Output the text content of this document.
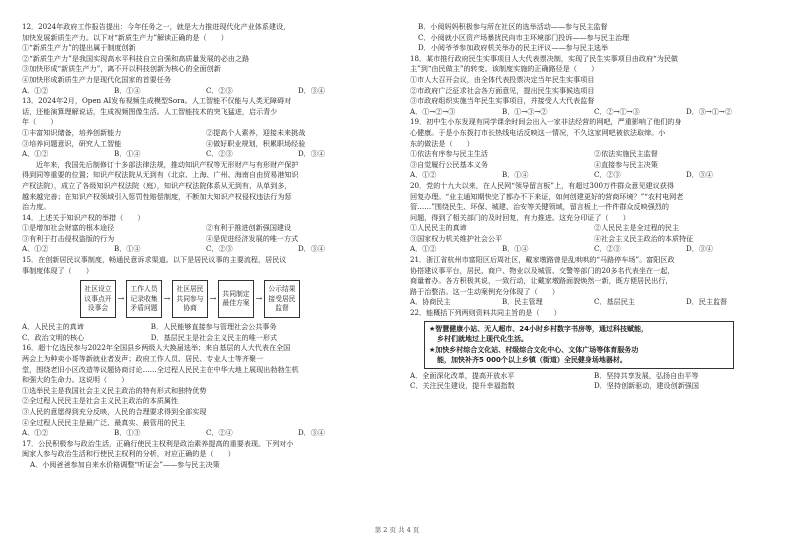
12．2024年政府工作报告提出：今年任务之一，就是大力推进现代化产业体系建设，

加快发展新质生产力。以下对“新质生产力”解读正确的是（　　）

①“新质生产力”的提出属于制度创新

②“新质生产力”是我国实现高水平科技自立自强和高质量发展的必由之路

③加快形成“新质生产力”，离不开以科技创新为核心的全面创新

④加快形成新质生产力是现代化国家的首要任务

A．①②	B．①④	C．②③	D．③④

13．2024年2月，Open AI发布视频生成模型Sora。人工智能不仅能与人类无障碍对

话，还能演算理解说话，生成视频图像生活。人工智能技术的突飞猛进，启示青少

年（　　）

①丰富知识储备，培养创新能力	②提高个人素养，迎接未来挑战
③培养问题意识，研究人工智能	④做好职业规划，积累职场经验
A．①②	B．①④	C．②③	D．③④

近年来，我国先后制修订十多部法律法规，推动知识产权等无形财产与有形财产保护

得到同等重要的位置；知识产权法院从无到有（北京、上海、广州、海南自由贸易港知识

产权法院），成立了各级知识产权法院（庭），知识产权法院体系从无到有、从单到多，

越来越完善；在知识产权领域引入惩罚性赔偿制度，不断加大知识产权侵权违法行为惩

治力度。

14．上述关于知识产权的举措（　　）

①是增加社会财富的根本途径	②有利于推进创新强国建设
③有利于打击侵权盗版的行为	④是促进经济发展的唯一方式
A．①②	B．①④	C．②③	D．③④

15．在创新居民议事制度，畅通民意诉求渠道。以下是居民议事的主要流程，居民议

事制度体现了（　　）

社区设立议事点开设事会
→
工作人员记录收集矛盾问题
→
社区居民共同参与协商
→
共同制定最佳方案
→
公示结果接受居民监督
A．人民民主的真谛	B．人民能够直接参与管理社会公共事务
C．政治文明的核心	D．基层民主是社会主义民主的唯一形式

16．超十亿选民参与2022年全国县乡两级人大换届选举；来自基层的人大代表在全国

两会上为种卖小哥等新就业者发声；政府工作人员、居民、专业人士等齐聚一

堂，围绕老旧小区改造等议题协商讨论……全过程人民民主在中华大地上展现出勃勃生机

和强大的生命力。这说明（　　）

①选举民主是我国社会主义民主政治的特有形式和独特优势

②全过程人民民主是社会主义民主政治的本质属性

③人民的意愿得到充分反映，人民的合理要求得到全部实现

④全过程人民民主是最广泛、最真实、最管用的民主

A．①②	B．①③	C．②④	D．③④

17．公民积极参与政治生活，正确行使民主权利是政治素养提高的重要表现。下列对小

闽家人参与政治生活和行使民主权利的分析，对应正确的是（　　）

A．小阅爸爸参加自来水价格调整“听证会”——参与民主决策

B．小阅妈妈积极参与所在社区的选举活动——参与民主监督

C．小阅就小区资产场暴扰民向市主环境部门投诉——参与民主治理

D．小阅爷爷参加政府机关举办的民主评议——参与民主选举

18．某市推行政府民生实事项目人大代表票决制，实现了民生实事项目由政府“为民做

主”到“由民做主”的转变。该制度实施的正确路径是（　　）

①市人大召开会议，由全体代表投票决定当年民生实事项目

②市政府广泛征求社会各方面意见，提出民生实事候选项目

③市政府组织实施当年民生实事项目，并接受人大代表监督

A．①→②→③	B．①→③→②	C．②→①→③	D．③→①→②

19．初中生小东发现有同学课余时间会出入一家非法经营的网吧，严重影响了他们的身

心健康。于是小东拨打市长热线电话反映这一情况，不久这家网吧被依法取缔。小

东的做法是（　　）

①依法有序参与民主生活	②依法实施民主监督
③自觉履行公民基本义务	④直接参与民主决策
A．①②	B．①④	C．②③	D．③④

20．党的十九大以来，在人民网“领导留言板”上，有超过300万件群众意见建议获得

回复办理。“业主通知期快完了都办不下来证，如何创建更好的营商环境？”“农村电网老

管……”围绕民生、环保、城建、治安等关键领域，留言板上一件件群众反映强烈的

问题，得到了相关部门的及时回复，有力推进。这充分印证了（　　）

①人民民主的真谛	②人民民主是全过程的民主
③国家权力机关维护社会公平	④社会主义民主政治的本质特征
A．①②	B．①④	C．②③	D．③④

21．浙江省杭州市富阳区后周社区，戴家墩路曾是乱哄哄的“马路停车场”。富阳区政

协搭建议事平台，居民、商户、物业以及城管、交警等部门的20多名代表坐在一起，

商量着办。各方积极其说，一致行动，让戴家墩路面貌焕然一新，既方便居民出行，

路于治整洁。这一生动案例充分体现了（　　）

A．协商民主	B．民主管理	C．基层民主	D．民主监督

22．能概括下列两则资料共同主旨的是（　　）

★智慧健康小站、无人超市、24小时乡村数字书房等，通过科技赋能，
乡村们就地过上现代化生活。
★加快乡村综合文化站、村级综合文化中心、文体广场等体育服务功
能，加快补齐5 000个以上乡镇（街道）全民健身场地器材。
A．全面深化改革，提高开放水平	B．坚持共享发展，弘扬自由平等
C．关注民生建设，提升幸福指数	D．坚持创新驱动，建设创新强国
第 2 页 共 4 页
